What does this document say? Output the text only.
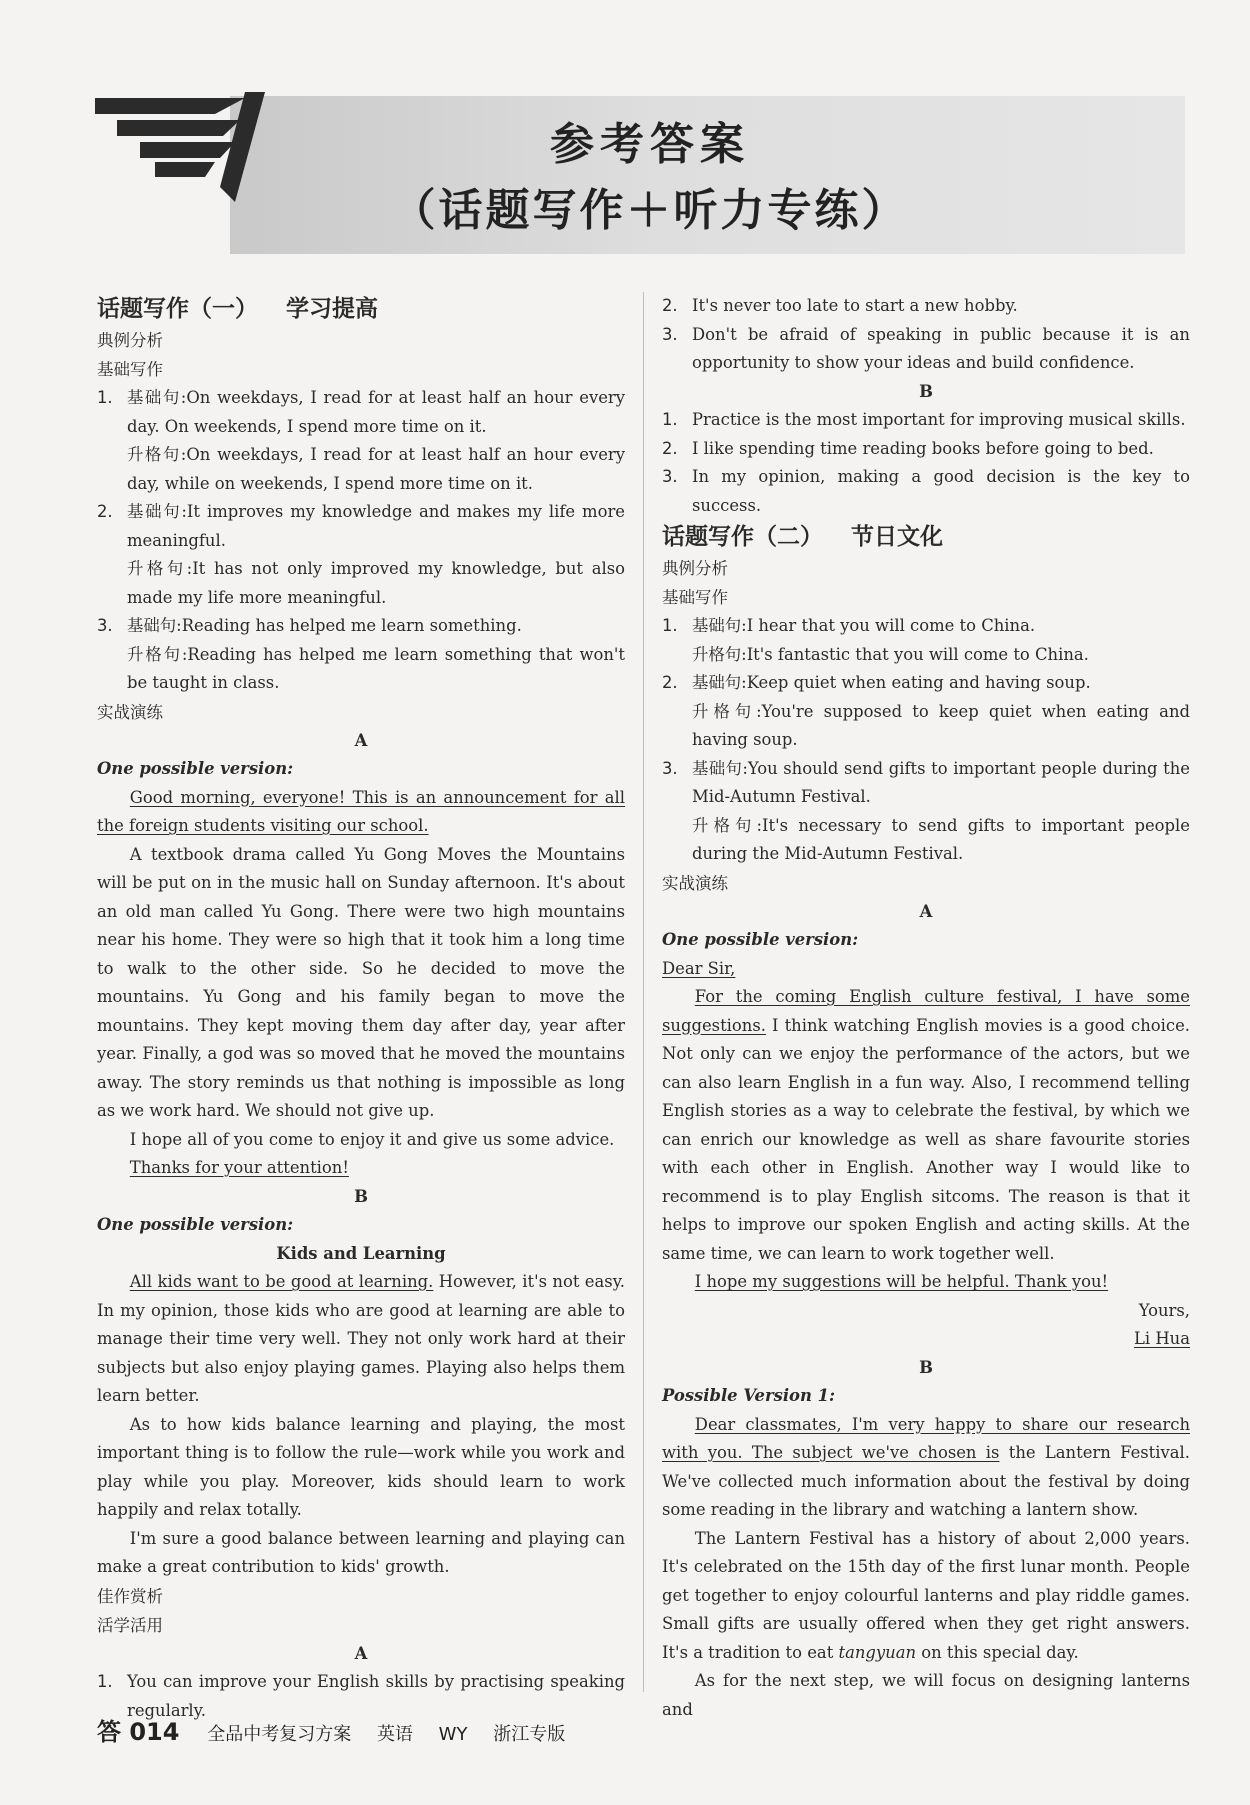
参考答案
（话题写作＋听力专练）
话题写作（一） 学习提高
典例分析
基础写作
1. 基础句:On weekdays, I read for at least half an hour every day. On weekends, I spend more time on it.
升格句:On weekdays, I read for at least half an hour every day, while on weekends, I spend more time on it.
2. 基础句:It improves my knowledge and makes my life more meaningful.
升格句:It has not only improved my knowledge, but also made my life more meaningful.
3. 基础句:Reading has helped me learn something.
升格句:Reading has helped me learn something that won't be taught in class.
实战演练
A
One possible version:
Good morning, everyone! This is an announcement for all the foreign students visiting our school.
A textbook drama called Yu Gong Moves the Mountains will be put on in the music hall on Sunday afternoon. It's about an old man called Yu Gong. There were two high mountains near his home. They were so high that it took him a long time to walk to the other side. So he decided to move the mountains. Yu Gong and his family began to move the mountains. They kept moving them day after day, year after year. Finally, a god was so moved that he moved the mountains away. The story reminds us that nothing is impossible as long as we work hard. We should not give up.
I hope all of you come to enjoy it and give us some advice.
Thanks for your attention!
B
One possible version:
Kids and Learning
All kids want to be good at learning. However, it's not easy. In my opinion, those kids who are good at learning are able to manage their time very well. They not only work hard at their subjects but also enjoy playing games. Playing also helps them learn better.
As to how kids balance learning and playing, the most important thing is to follow the rule—work while you work and play while you play. Moreover, kids should learn to work happily and relax totally.
I'm sure a good balance between learning and playing can make a great contribution to kids' growth.
佳作赏析
活学活用
A
1. You can improve your English skills by practising speaking regularly.
2. It's never too late to start a new hobby.
3. Don't be afraid of speaking in public because it is an opportunity to show your ideas and build confidence.
B
1. Practice is the most important for improving musical skills.
2. I like spending time reading books before going to bed.
3. In my opinion, making a good decision is the key to success.
话题写作（二） 节日文化
典例分析
基础写作
1. 基础句:I hear that you will come to China.
升格句:It's fantastic that you will come to China.
2. 基础句:Keep quiet when eating and having soup.
升格句:You're supposed to keep quiet when eating and having soup.
3. 基础句:You should send gifts to important people during the Mid-Autumn Festival.
升格句:It's necessary to send gifts to important people during the Mid-Autumn Festival.
实战演练
A
One possible version:
Dear Sir,
For the coming English culture festival, I have some suggestions. I think watching English movies is a good choice. Not only can we enjoy the performance of the actors, but we can also learn English in a fun way. Also, I recommend telling English stories as a way to celebrate the festival, by which we can enrich our knowledge as well as share favourite stories with each other in English. Another way I would like to recommend is to play English sitcoms. The reason is that it helps to improve our spoken English and acting skills. At the same time, we can learn to work together well.
I hope my suggestions will be helpful. Thank you!
Yours,
Li Hua
B
Possible Version 1:
Dear classmates, I'm very happy to share our research with you. The subject we've chosen is the Lantern Festival. We've collected much information about the festival by doing some reading in the library and watching a lantern show.
The Lantern Festival has a history of about 2,000 years. It's celebrated on the 15th day of the first lunar month. People get together to enjoy colourful lanterns and play riddle games. Small gifts are usually offered when they get right answers. It's a tradition to eat tangyuan on this special day.
As for the next step, we will focus on designing lanterns and
答 014 全品中考复习方案 英语 WY 浙江专版
